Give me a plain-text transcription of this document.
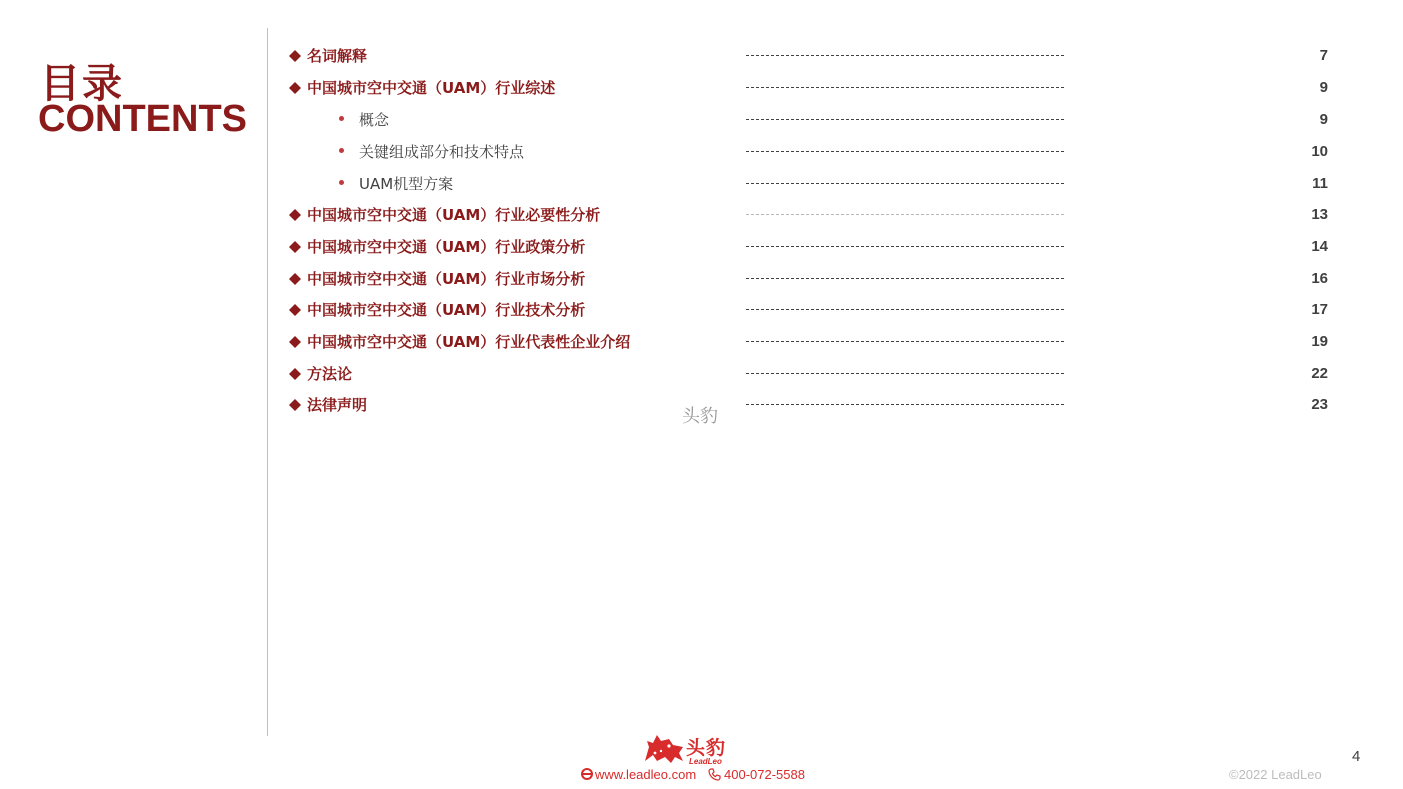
目录
CONTENTS
名词解释	7
中国城市空中交通（UAM）行业综述	9
概念	9
关键组成部分和技术特点	10
UAM机型方案	11
中国城市空中交通（UAM）行业必要性分析	13
中国城市空中交通（UAM）行业政策分析	14
中国城市空中交通（UAM）行业市场分析	16
中国城市空中交通（UAM）行业技术分析	17
中国城市空中交通（UAM）行业代表性企业介绍	19
方法论	22
法律声明	23
头豹
头豹
LeadLeo
www.leadleo.com	400-072-5588
4
©2022 LeadLeo
